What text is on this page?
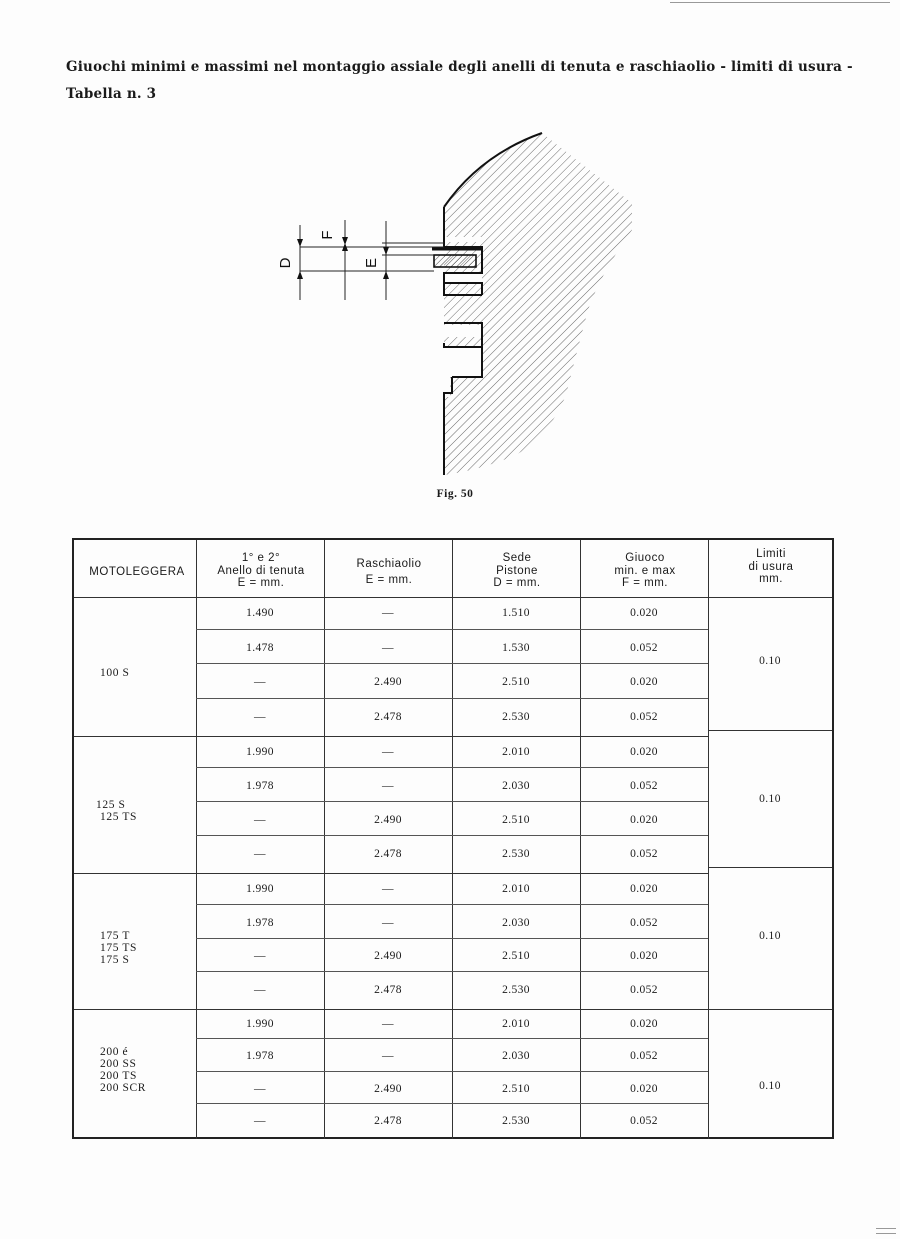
Giuochi minimi e massimi nel montaggio assiale degli anelli di tenuta e raschiaolio - limiti di usura -
Tabella n. 3
D
F
E
Fig. 50
MOTOLEGGERA
1° e 2°
Anello di tenuta
E = mm.
Raschiaolio
E = mm.
Sede
Pistone
D = mm.
Giuoco
min. e max
F = mm.
Limiti
di usura
mm.
100 S
1.490	—	1.510	0.020
1.478	—	1.530	0.052
—	2.490	2.510	0.020
—	2.478	2.530	0.052
0.10
125 S
125 TS
1.990	—	2.010	0.020
1.978	—	2.030	0.052
—	2.490	2.510	0.020
—	2.478	2.530	0.052
0.10
175 T
175 TS
175 S
1.990	—	2.010	0.020
1.978	—	2.030	0.052
—	2.490	2.510	0.020
—	2.478	2.530	0.052
0.10
200 é
200 SS
200 TS
200 SCR
1.990	—	2.010	0.020
1.978	—	2.030	0.052
—	2.490	2.510	0.020
—	2.478	2.530	0.052
0.10
